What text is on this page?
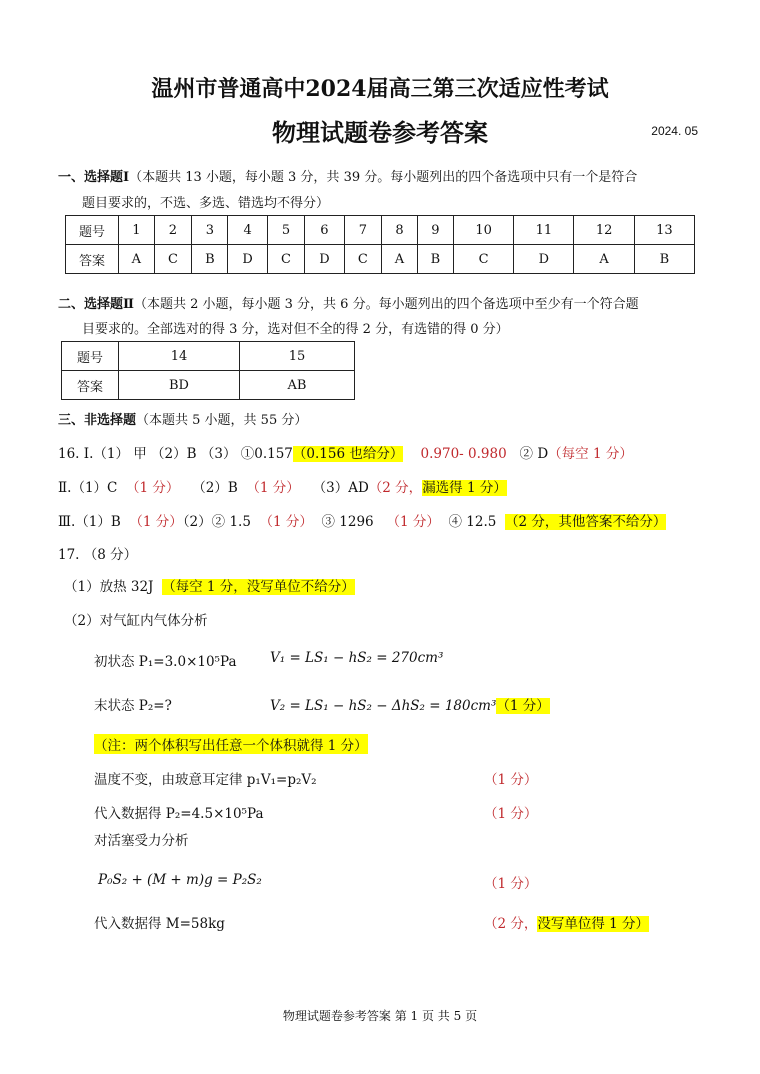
温州市普通高中2024届高三第三次适应性考试
物理试题卷参考答案	2024. 05
一、选择题Ⅰ（本题共 13 小题，每小题 3 分，共 39 分。每小题列出的四个备选项中只有一个是符合
题目要求的，不选、多选、错选均不得分）
题号	1	2	3	4	5	6	7	8	9	10	11	12	13
答案	A	C	B	D	C	D	C	A	B	C	D	A	B
二、选择题Ⅱ（本题共 2 小题，每小题 3 分，共 6 分。每小题列出的四个备选项中至少有一个符合题
目要求的。全部选对的得 3 分，选对但不全的得 2 分，有选错的得 0 分）
题号	14	15
答案	BD	AB
三、非选择题（本题共 5 小题，共 55 分）
16. Ⅰ.（1） 甲 （2）B （3） ①0.157（0.156 也给分） 0.970- 0.980 ② D（每空 1 分）
Ⅱ.（1）C （1 分） （2）B （1 分） （3）AD（2 分，漏选得 1 分）
Ⅲ.（1）B （1 分）（2）② 1.5 （1 分） ③ 1296 （1 分） ④ 12.5 （2 分，其他答案不给分）
17. （8 分）
（1）放热 32J （每空 1 分，没写单位不给分）
（2）对气缸内气体分析
初状态 P₁=3.0×10⁵Pa V₁ = LS₁ − hS₂ = 270cm³
末状态 P₂=?	V₂ = LS₁ − hS₂ − ΔhS₂ = 180cm³（1 分）
（注：两个体积写出任意一个体积就得 1 分）
温度不变，由玻意耳定律 p₁V₁=p₂V₂	（1 分）
代入数据得 P₂=4.5×10⁵Pa	（1 分）
对活塞受力分析
P₀S₂ + (M + m)g = P₂S₂	（1 分）
代入数据得 M=58kg	（2 分，没写单位得 1 分）
物理试题卷参考答案 第 1 页 共 5 页
